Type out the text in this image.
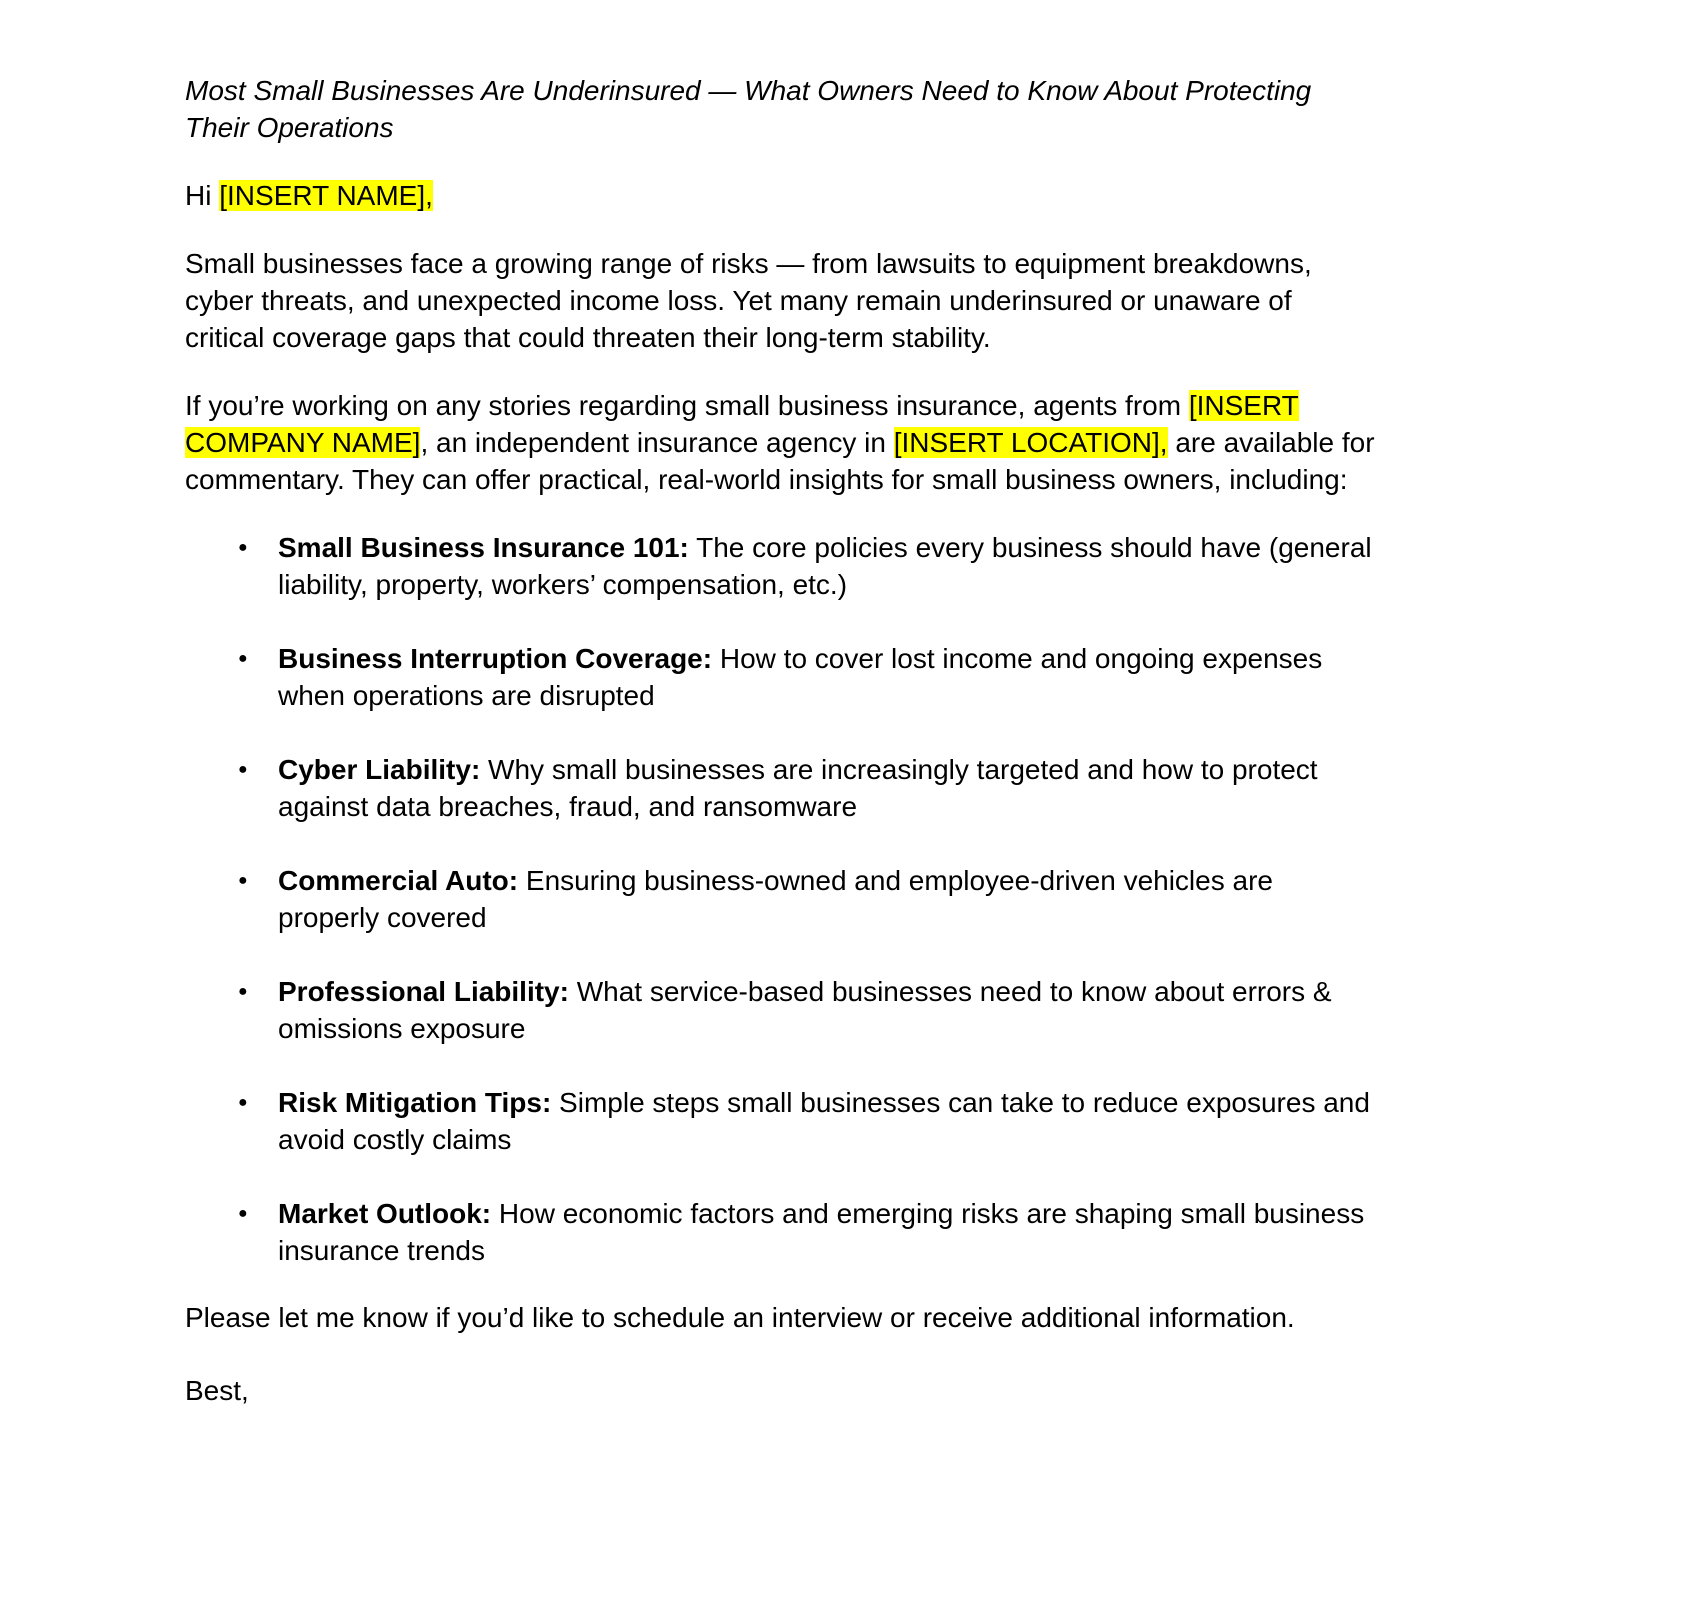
Most Small Businesses Are Underinsured — What Owners Need to Know About Protecting
Their Operations
Hi [INSERT NAME],
Small businesses face a growing range of risks — from lawsuits to equipment breakdowns,
cyber threats, and unexpected income loss. Yet many remain underinsured or unaware of
critical coverage gaps that could threaten their long-term stability.
If you’re working on any stories regarding small business insurance, agents from [INSERT
COMPANY NAME], an independent insurance agency in [INSERT LOCATION], are available for
commentary. They can offer practical, real-world insights for small business owners, including:
●	Small Business Insurance 101: The core policies every business should have (general
liability, property, workers’ compensation, etc.)
●	Business Interruption Coverage: How to cover lost income and ongoing expenses
when operations are disrupted
●	Cyber Liability: Why small businesses are increasingly targeted and how to protect
against data breaches, fraud, and ransomware
●	Commercial Auto: Ensuring business-owned and employee-driven vehicles are
properly covered
●	Professional Liability: What service-based businesses need to know about errors &
omissions exposure
●	Risk Mitigation Tips: Simple steps small businesses can take to reduce exposures and
avoid costly claims
●	Market Outlook: How economic factors and emerging risks are shaping small business
insurance trends
Please let me know if you’d like to schedule an interview or receive additional information.
Best,
